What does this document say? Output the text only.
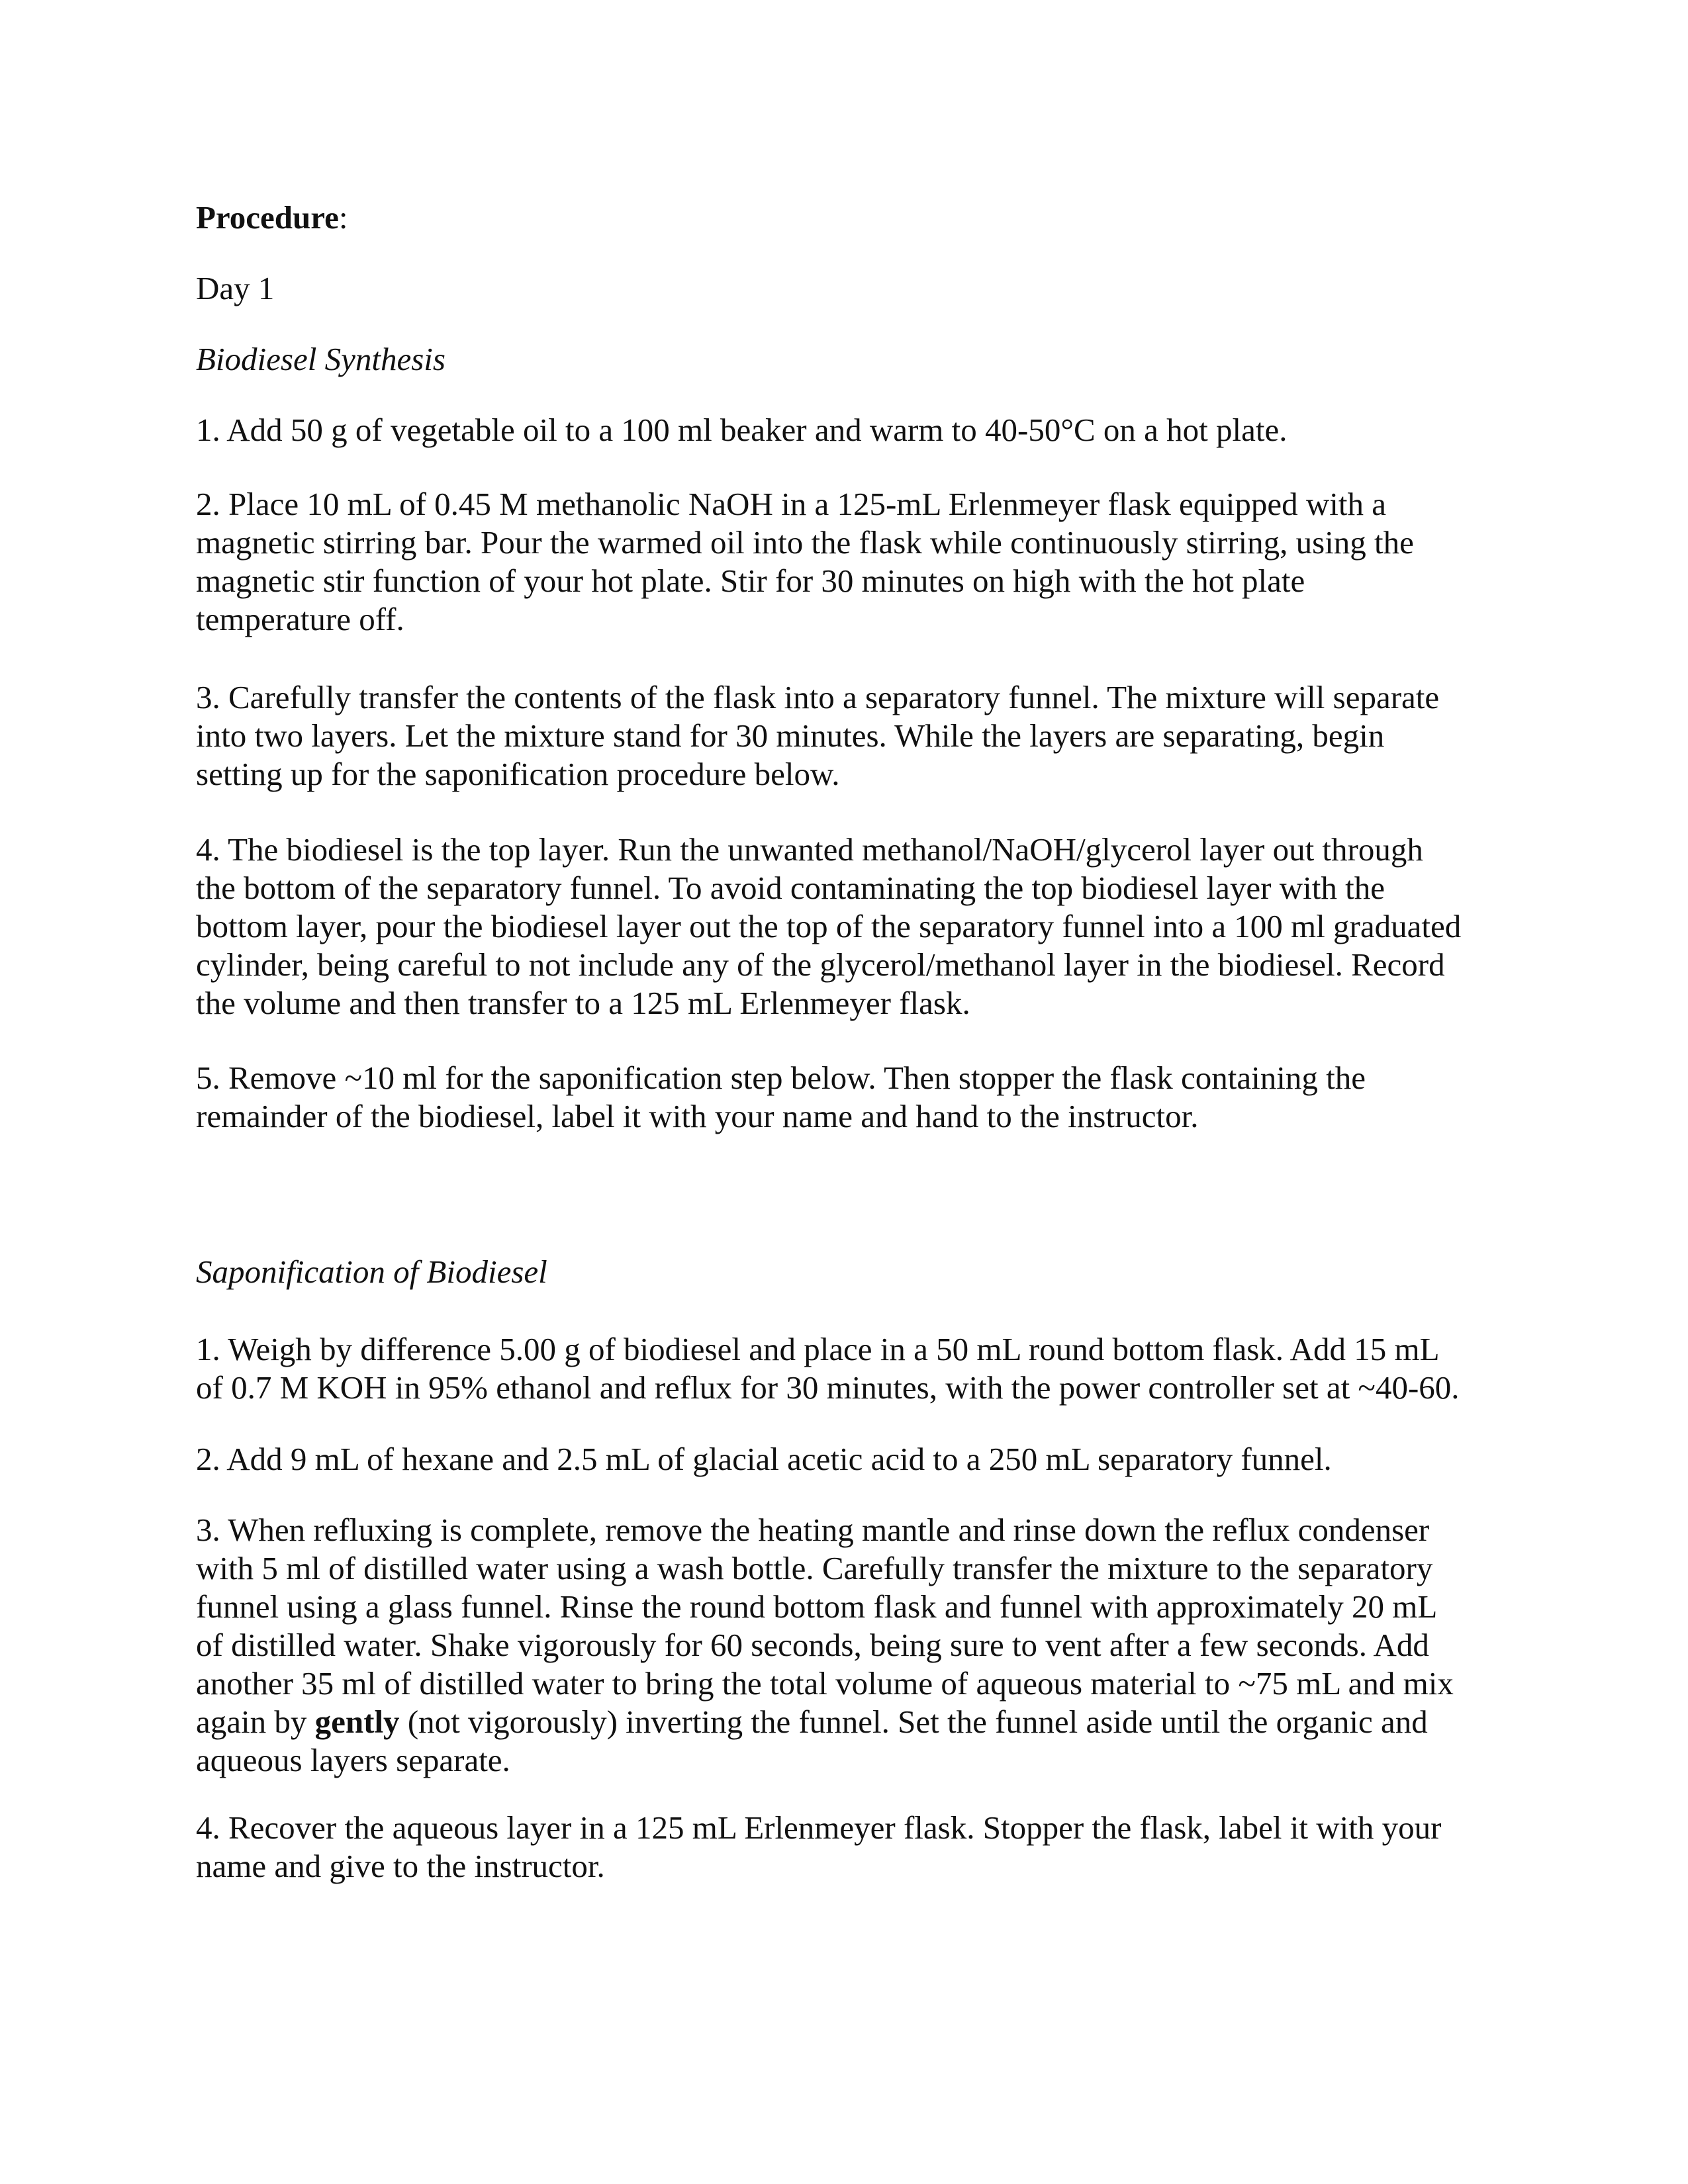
Procedure:

Day 1

Biodiesel Synthesis

1. Add 50 g of vegetable oil to a 100 ml beaker and warm to 40-50°C on a hot plate.

2. Place 10 mL of 0.45 M methanolic NaOH in a 125-mL Erlenmeyer flask equipped with a
magnetic stirring bar. Pour the warmed oil into the flask while continuously stirring, using the
magnetic stir function of your hot plate. Stir for 30 minutes on high with the hot plate
temperature off.

3. Carefully transfer the contents of the flask into a separatory funnel. The mixture will separate
into two layers. Let the mixture stand for 30 minutes. While the layers are separating, begin
setting up for the saponification procedure below.

4. The biodiesel is the top layer. Run the unwanted methanol/NaOH/glycerol layer out through
the bottom of the separatory funnel. To avoid contaminating the top biodiesel layer with the
bottom layer, pour the biodiesel layer out the top of the separatory funnel into a 100 ml graduated
cylinder, being careful to not include any of the glycerol/methanol layer in the biodiesel. Record
the volume and then transfer to a 125 mL Erlenmeyer flask.

5. Remove ~10 ml for the saponification step below. Then stopper the flask containing the
remainder of the biodiesel, label it with your name and hand to the instructor.

Saponification of Biodiesel

1. Weigh by difference 5.00 g of biodiesel and place in a 50 mL round bottom flask. Add 15 mL
of 0.7 M KOH in 95% ethanol and reflux for 30 minutes, with the power controller set at ~40-60.

2. Add 9 mL of hexane and 2.5 mL of glacial acetic acid to a 250 mL separatory funnel.

3. When refluxing is complete, remove the heating mantle and rinse down the reflux condenser
with 5 ml of distilled water using a wash bottle. Carefully transfer the mixture to the separatory
funnel using a glass funnel. Rinse the round bottom flask and funnel with approximately 20 mL
of distilled water. Shake vigorously for 60 seconds, being sure to vent after a few seconds. Add
another 35 ml of distilled water to bring the total volume of aqueous material to ~75 mL and mix
again by gently (not vigorously) inverting the funnel. Set the funnel aside until the organic and
aqueous layers separate.

4. Recover the aqueous layer in a 125 mL Erlenmeyer flask. Stopper the flask, label it with your
name and give to the instructor.
